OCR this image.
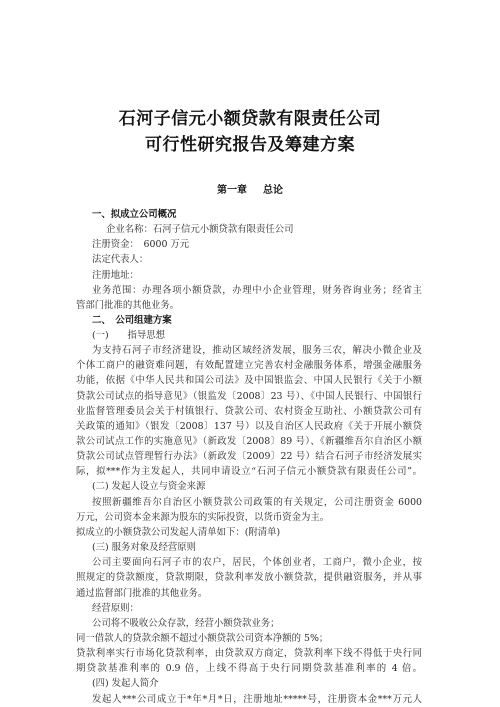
石河子信元小额贷款有限责任公司
可行性研究报告及筹建方案
第一章 总论
一、拟成立公司概况
企业名称：石河子信元小额贷款有限责任公司
注册资金：　6000 万元
法定代表人：
注册地址：
业务范围：办理各项小额贷款，办理中小企业管理，财务咨询业务；经省主
管部门批准的其他业务。
二、　公司组建方案
(一)　　指导思想
为支持石河子市经济建设，推动区域经济发展，服务三农，解决小微企业及
个体工商户的融资难问题，有效配置建立完善农村金融服务体系，增强金融服务
功能，依据《中华人民共和国公司法》及中国银监会、中国人民银行《关于小额
贷款公司试点的指导意见》（银监发〔2008〕23 号）、《中国人民银行、中国银行
业监督管理委员会关于村镇银行、贷款公司、农村资金互助社、小额贷款公司有
关政策的通知》（银发〔2008〕137 号）以及自治区人民政府《关于开展小额贷
款公司试点工作的实施意见》（新政发〔2008〕89 号）、《新疆维吾尔自治区小额
贷款公司试点管理暂行办法》（新政发〔2009〕22 号）结合石河子市经济发展实
际，拟***作为主发起人，共同申请设立“石河子信元小额贷款有限责任公司”。
(二) 发起人设立与资金来源
按照新疆维吾尔自治区小额贷款公司政策的有关规定，公司注册资金 6000
万元，公司资本金来源为股东的实际投资，以货币资金为主。
拟成立的小额贷款公司发起人清单如下：(附清单)
(三) 服务对象及经营原则
公司主要面向石河子市的农户，居民，个体创业者，工商户，微小企业，按
照规定的贷款额度，贷款期限，贷款利率发放小额贷款，提供融资服务，并从事
通过监督部门批准的其他业务。
经营原则：
公司将不吸收公众存款，经营小额贷款业务；
同一借款人的贷款余额不超过小额贷款公司资本净额的 5%；
贷款利率实行市场化贷款利率，由贷款双方商定，贷款利率下线不得低于央行同
期贷款基准利率的 0.9 倍，上线不得高于央行同期贷款基准利率的 4 倍。
(四) 发起人简介
发起人***公司成立于*年*月*日，注册地址*****号，注册资本金***万元人
